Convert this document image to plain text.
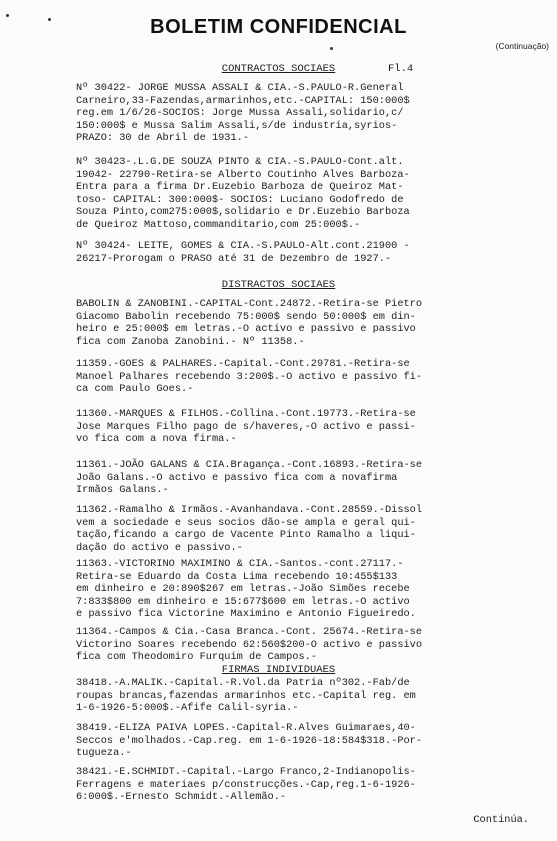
BOLETIM CONFIDENCIAL
(Continuação)
CONTRACTOS SOCIAES	Fl.4
Nº 30422- JORGE MUSSA ASSALI & CIA.-S.PAULO-R.General
Carneiro,33-Fazendas,armarinhos,etc.-CAPITAL: 150:000$
reg.em 1/6/26-SOCIOS: Jorge Mussa Assali,solidario,c/
150:000$ e Mussa Salim Assali,s/de industria,syrios-
PRAZO: 30 de Abril de 1931.-
Nº 30423-.L.G.DE SOUZA PINTO & CIA.-S.PAULO-Cont.alt.
19042- 22790-Retira-se Alberto Coutinho Alves Barboza-
Entra para a firma Dr.Euzebio Barboza de Queiroz Mat-
toso- CAPITAL: 300:000$- SOCIOS: Luciano Godofredo de
Souza Pinto,com275:000$,solidario e Dr.Euzebio Barboza
de Queiroz Mattoso,commanditario,com 25:000$.-
Nº 30424- LEITE, GOMES & CIA.-S.PAULO-Alt.cont.21900 -
26217-Prorogam o PRASO até 31 de Dezembro de 1927.-
DISTRACTOS SOCIAES
BABOLIN & ZANOBINI.-CAPITAL-Cont.24872.-Retira-se Pietro
Giacomo Babolin recebendo 75:000$ sendo 50:000$ em din-
heiro e 25:000$ em letras.-O activo e passivo e passivo
fica com Zanoba Zanobini.- Nº 11358.-
11359.-GOES & PALHARES.-Capital.-Cont.29781.-Retira-se
Manoel Palhares recebendo 3:200$.-O activo e passivo fi-
ca com Paulo Goes.-
11360.-MARQUES & FILHOS.-Collina.-Cont.19773.-Retira-se
Jose Marques Filho pago de s/haveres,-O activo e passi-
vo fica com a nova firma.-
11361.-JOÃO GALANS & CIA.Bragança.-Cont.16893.-Retira-se
João Galans.-O activo e passivo fica com a novafirma
Irmãos Galans.-
11362.-Ramalho & Irmãos.-Avanhandava.-Cont.28559.-Dissol
vem a sociedade e seus socios dão-se ampla e geral qui-
tação,ficando a cargo de Vacente Pinto Ramalho a liqui-
dação do activo e passivo.-
11363.-VICTORINO MAXIMINO & CIA.-Santos.-cont.27117.-
Retira-se Eduardo da Costa Lima recebendo 10:455$133
em dinheiro e 20:890$267 em letras.-João Simões recebe
7:833$800 em dinheiro e 15:677$600 em letras.-O activo
e passivo fica Victorine Maximino e Antonio Figueiredo.
11364.-Campos & Cia.-Casa Branca.-Cont. 25674.-Retira-se
Victorino Soares recebendo 62:560$200-O activo e passivo
fica com Theodomiro Furquim de Campos.-
FIRMAS INDIVIDUAES
38418.-A.MALIK.-Capital.-R.Vol.da Patria nº302.-Fab/de
roupas brancas,fazendas armarinhos etc.-Capital reg. em
1-6-1926-5:000$.-Afife Calil-syria.-
38419.-ELIZA PAIVA LOPES.-Capital-R.Alves Guimaraes,40-
Seccos e'molhados.-Cap.reg. em 1-6-1926-18:584$318.-Por-
tugueza.-
38421.-E.SCHMIDT.-Capital.-Largo Franco,2-Indianopolis-
Ferragens e materiaes p/construcções.-Cap,reg.1-6-1926-
6:000$.-Ernesto Schmidt.-Allemão.-
Continúa.
